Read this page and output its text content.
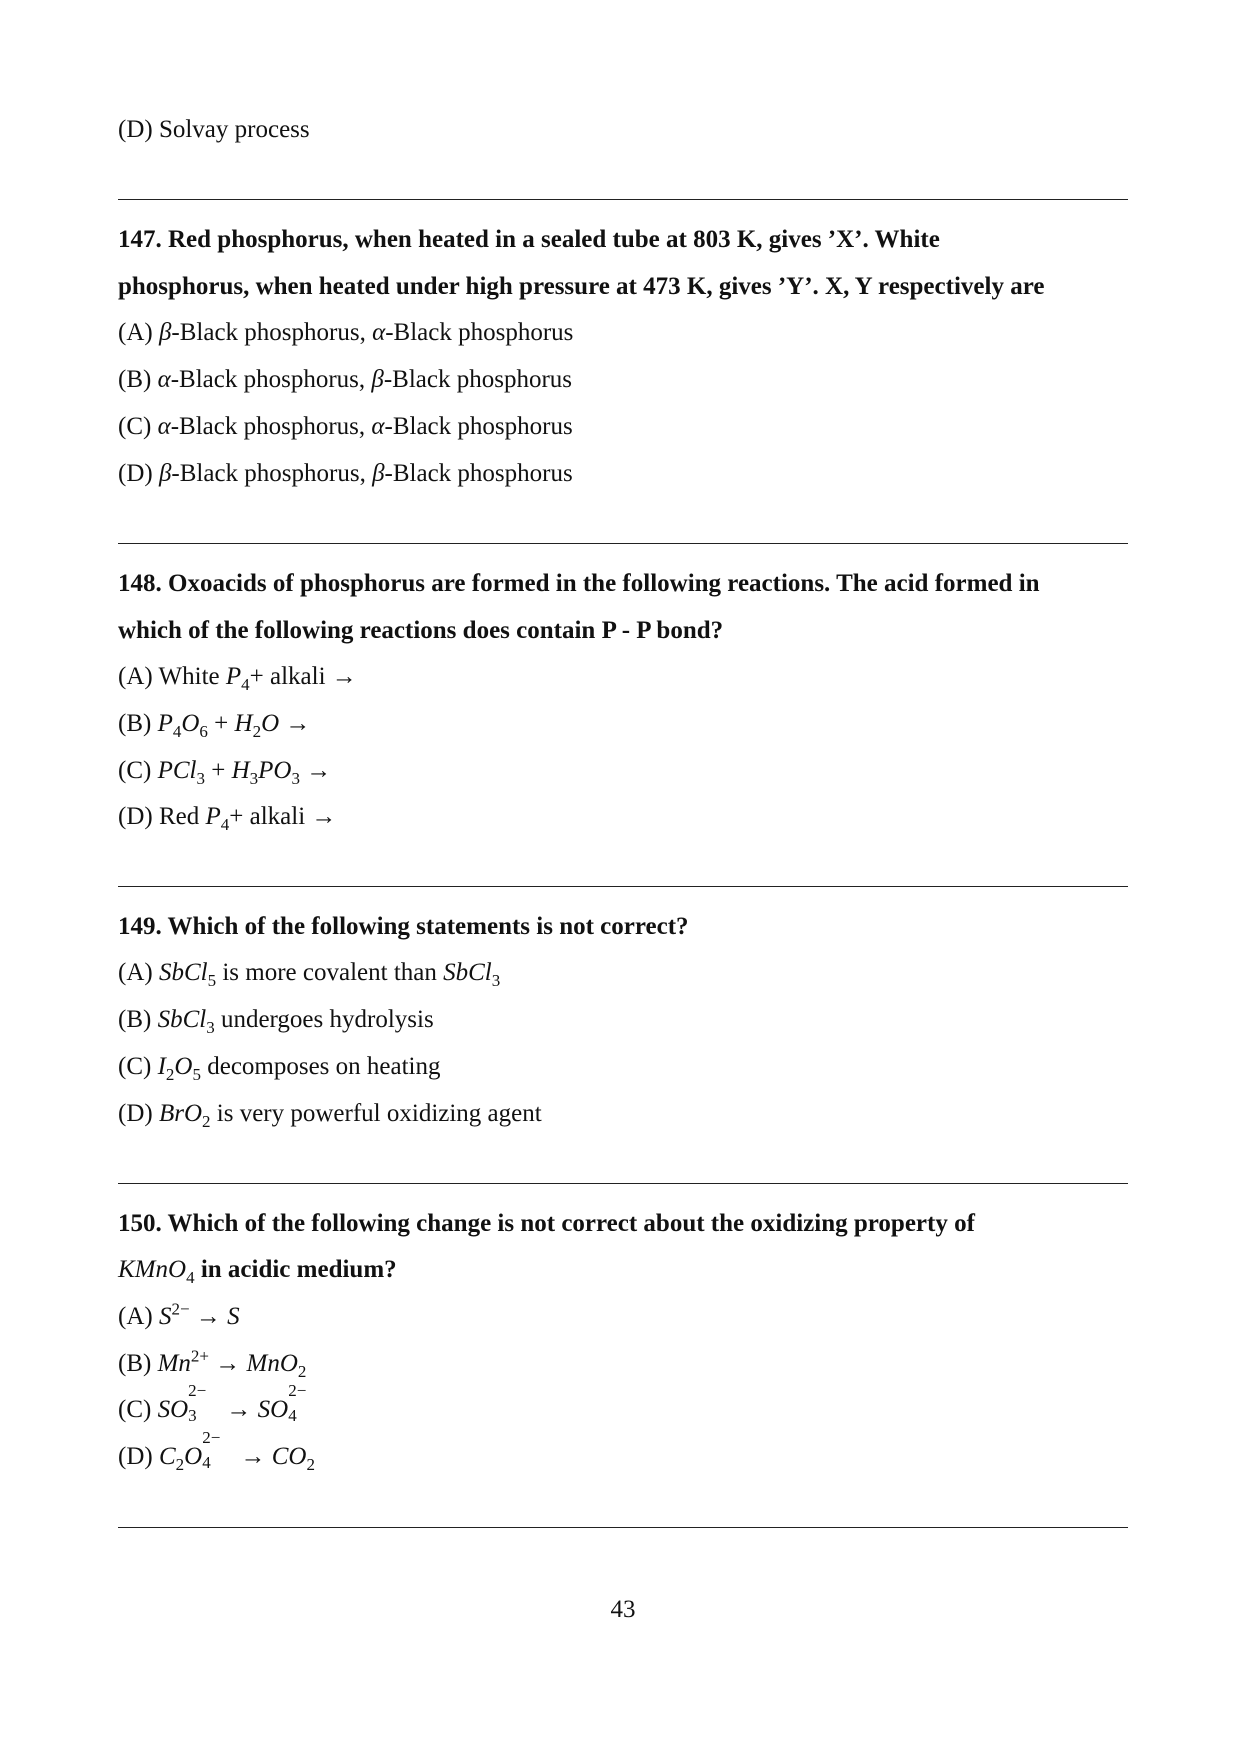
(D) Solvay process
147. Red phosphorus, when heated in a sealed tube at 803 K, gives ’X’. White
phosphorus, when heated under high pressure at 473 K, gives ’Y’. X, Y respectively are
(A) β-Black phosphorus, α-Black phosphorus
(B) α-Black phosphorus, β-Black phosphorus
(C) α-Black phosphorus, α-Black phosphorus
(D) β-Black phosphorus, β-Black phosphorus
148. Oxoacids of phosphorus are formed in the following reactions. The acid formed in
which of the following reactions does contain P - P bond?
(A) White $P_4+$ alkali →
(B) $P_4O_6 + H_2O$ →
(C) $PCl_3 + H_3PO_3$ →
(D) Red $P_4+$ alkali →
149. Which of the following statements is not correct?
(A) SbCl$_5$ is more covalent than SbCl$_3$
(B) SbCl$_3$ undergoes hydrolysis
(C) $I_2O_5$ decomposes on heating
(D) BrO$_2$ is very powerful oxidizing agent
150. Which of the following change is not correct about the oxidizing property of
KMnO$_4$ in acidic medium?
(A) $S^{2-} \to S$
(B) $Mn^{2+} \to MnO_2$
(C) SO
2−
3 → SO
2−
4
(D) $C_2O$
2−
$4 \to CO_2$
43
